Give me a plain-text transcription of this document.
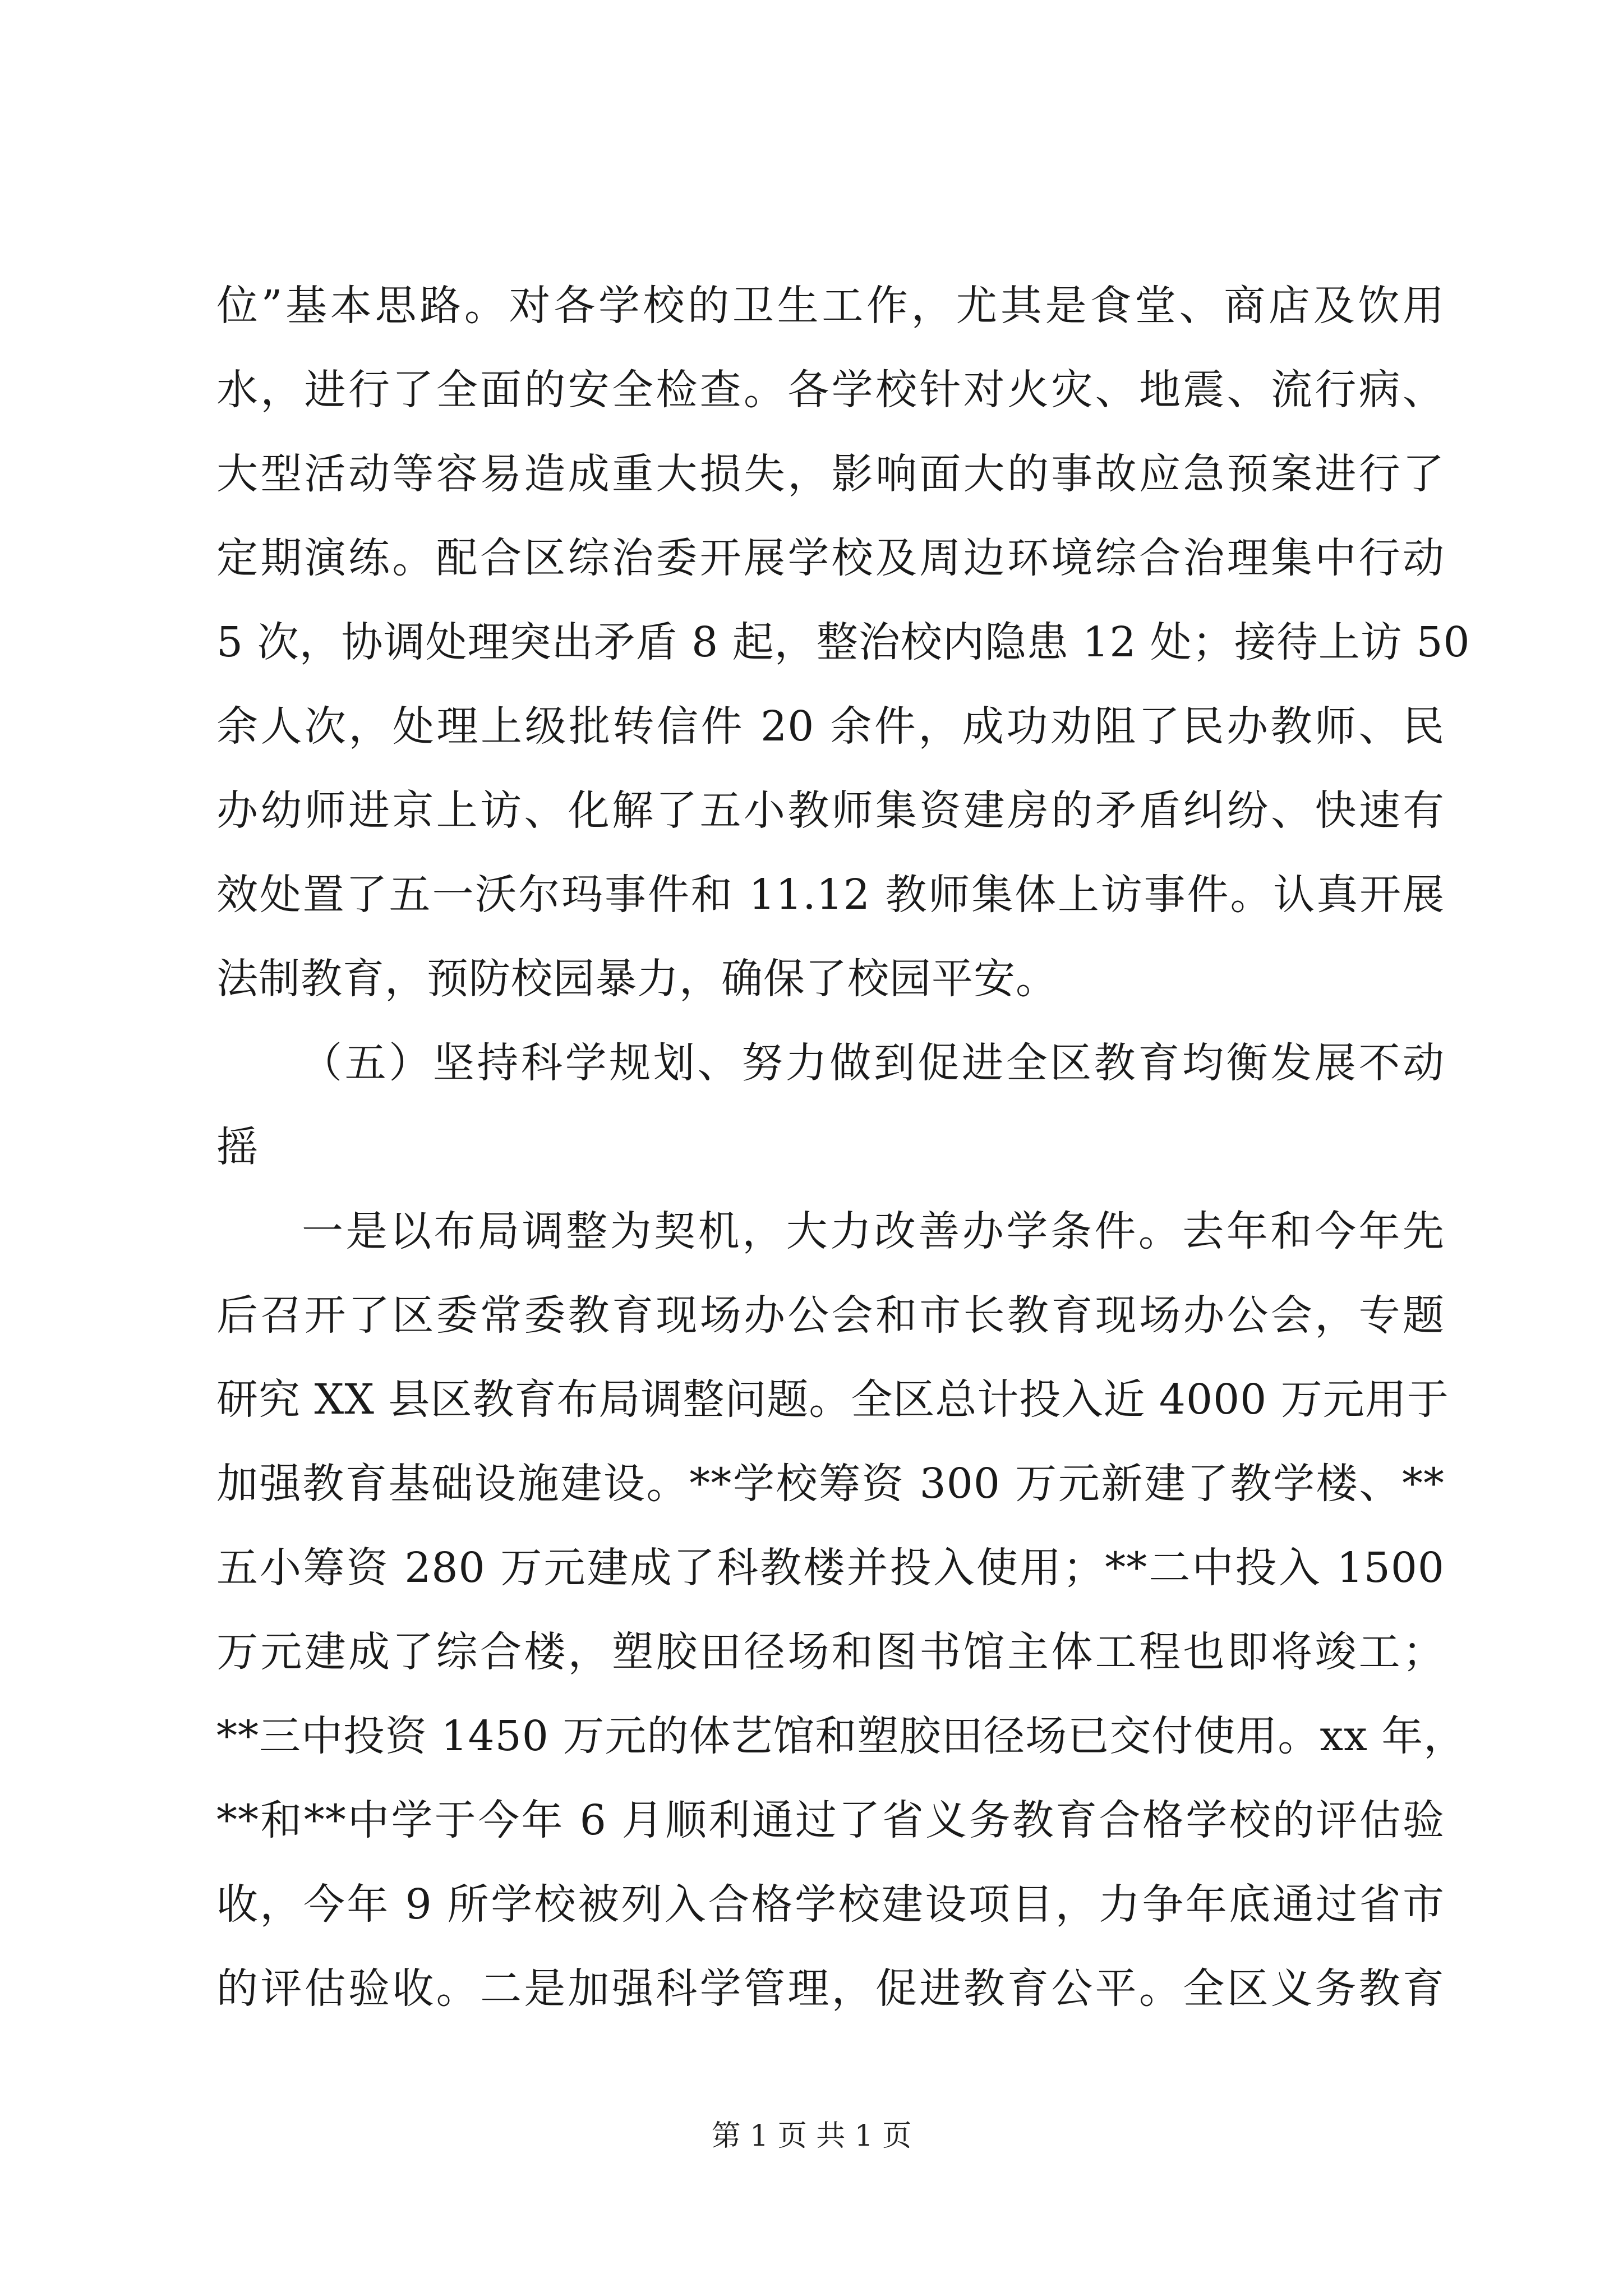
位”基本思路。对各学校的卫生工作，尤其是食堂、商店及饮用
水，进行了全面的安全检查。各学校针对火灾、地震、流行病、
大型活动等容易造成重大损失，影响面大的事故应急预案进行了
定期演练。配合区综治委开展学校及周边环境综合治理集中行动
5 次，协调处理突出矛盾 8 起，整治校内隐患 12 处；接待上访 50
余人次，处理上级批转信件 20 余件，成功劝阻了民办教师、民
办幼师进京上访、化解了五小教师集资建房的矛盾纠纷、快速有
效处置了五一沃尔玛事件和 11.12 教师集体上访事件。认真开展
法制教育，预防校园暴力，确保了校园平安。
（五）坚持科学规划、努力做到促进全区教育均衡发展不动
摇
一是以布局调整为契机，大力改善办学条件。去年和今年先
后召开了区委常委教育现场办公会和市长教育现场办公会，专题
研究 XX 县区教育布局调整问题。全区总计投入近 4000 万元用于
加强教育基础设施建设。**学校筹资 300 万元新建了教学楼、**
五小筹资 280 万元建成了科教楼并投入使用；**二中投入 1500
万元建成了综合楼，塑胶田径场和图书馆主体工程也即将竣工；
**三中投资 1450 万元的体艺馆和塑胶田径场已交付使用。xx 年，
**和**中学于今年 6 月顺利通过了省义务教育合格学校的评估验
收，今年 9 所学校被列入合格学校建设项目，力争年底通过省市
的评估验收。二是加强科学管理，促进教育公平。全区义务教育
第 1 页 共 1 页
